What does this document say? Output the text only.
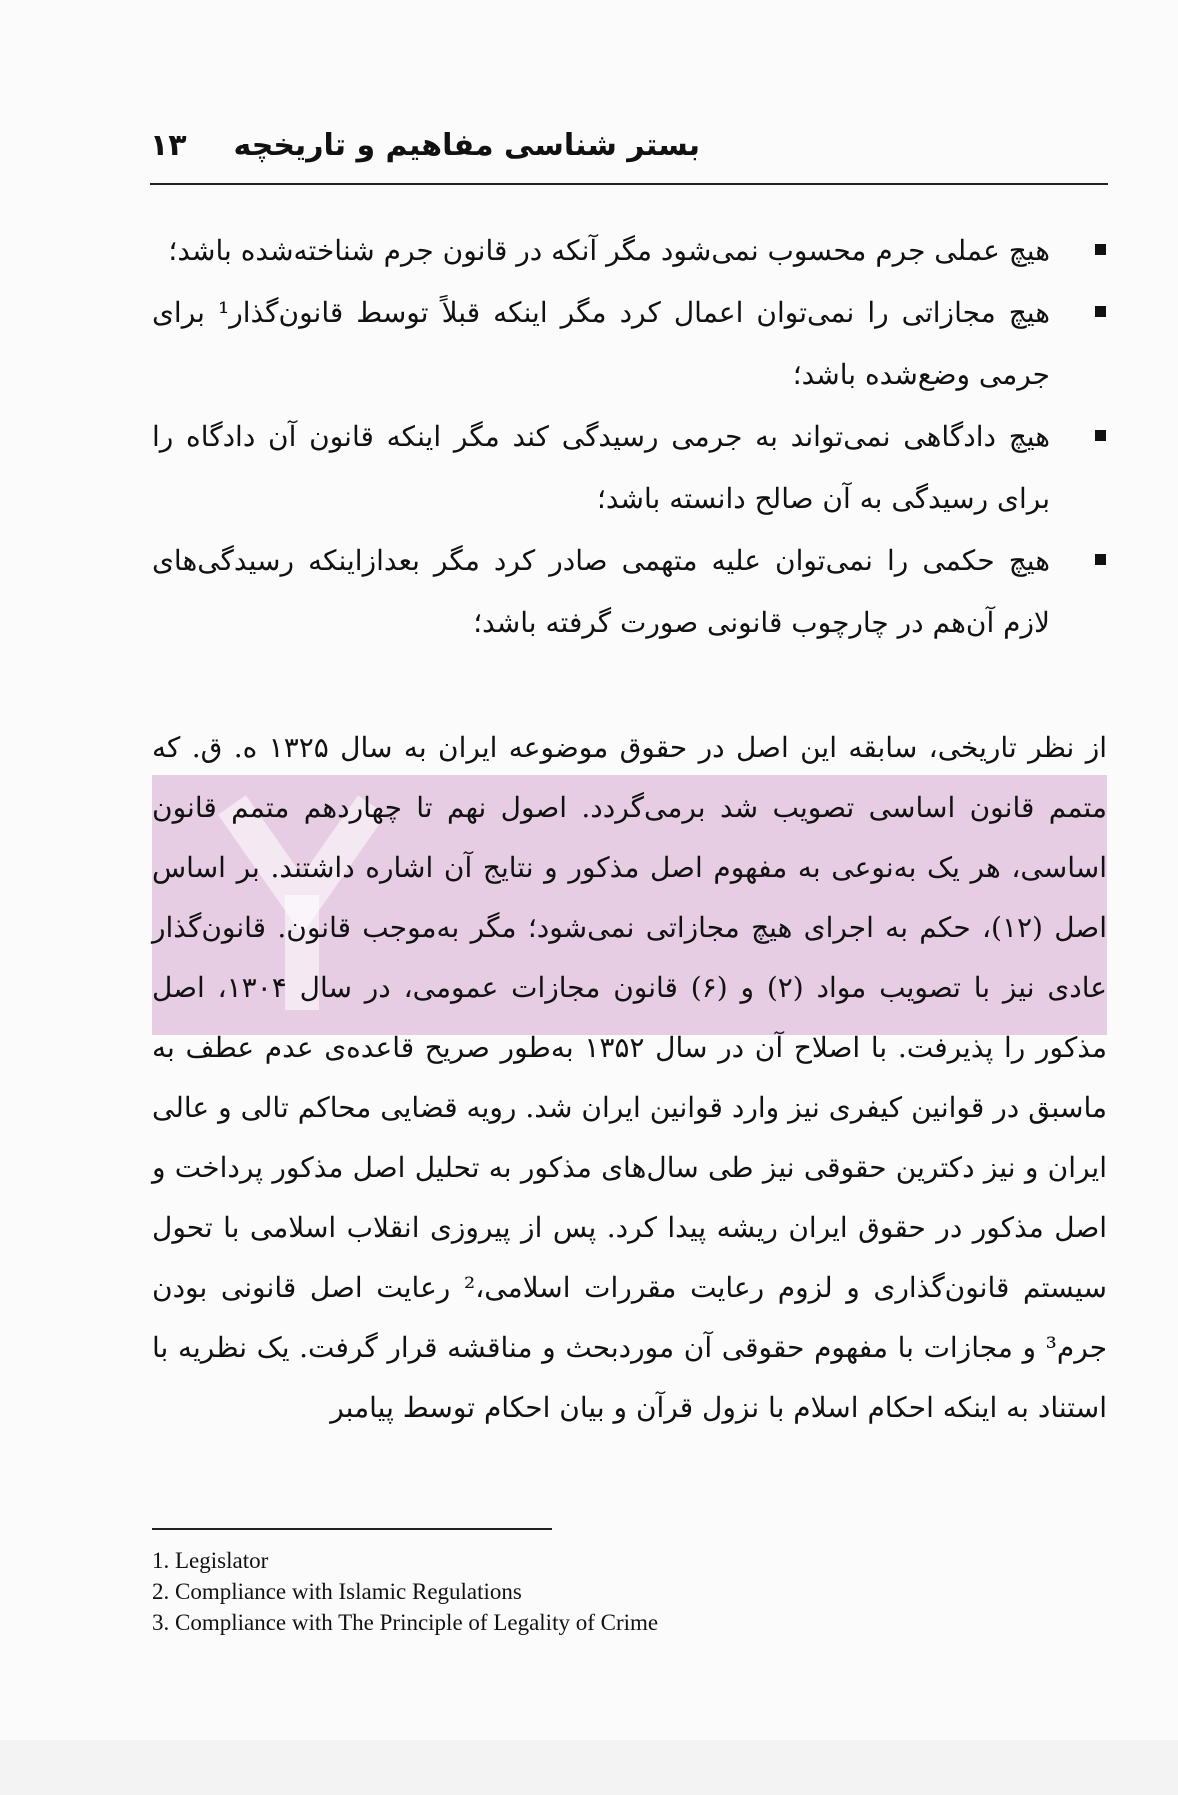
بستر شناسی مفاهیم و تاریخچه
۱۳
هیچ عملی جرم محسوب نمی‌شود مگر آنکه در قانون جرم شناخته‌شده باشد؛
هیچ مجازاتی را نمی‌توان اعمال کرد مگر اینکه قبلاً توسط قانون‌گذار¹ برای جرمی وضع‌شده باشد؛
هیچ دادگاهی نمی‌تواند به جرمی رسیدگی کند مگر اینکه قانون آن دادگاه را برای رسیدگی به آن صالح دانسته باشد؛
هیچ حکمی را نمی‌توان علیه متهمی صادر کرد مگر بعدازاینکه رسیدگی‌های لازم آن‌هم در چارچوب قانونی صورت گرفته باشد؛

از نظر تاریخی، سابقه این اصل در حقوق موضوعه ایران به سال ۱۳۲۵ ه. ق. که متمم قانون اساسی تصویب شد برمی‌گردد. اصول نهم تا چهاردهم متمم قانون اساسی، هر یک به‌نوعی به مفهوم اصل مذکور و نتایج آن اشاره داشتند. بر اساس اصل (۱۲)، حکم به اجرای هیچ مجازاتی نمی‌شود؛ مگر به‌موجب قانون. قانون‌گذار عادی نیز با تصویب مواد (۲) و (۶) قانون مجازات عمومی، در سال ۱۳۰۴، اصل مذکور را پذیرفت. با اصلاح آن در سال ۱۳۵۲ به‌طور صریح قاعده‌ی عدم عطف به ماسبق در قوانین کیفری نیز وارد قوانین ایران شد. رویه قضایی محاکم تالی و عالی ایران و نیز دکترین حقوقی نیز طی سال‌های مذکور به تحلیل اصل مذکور پرداخت و اصل مذکور در حقوق ایران ریشه پیدا کرد. پس از پیروزی انقلاب اسلامی با تحول سیستم قانون‌گذاری و لزوم رعایت مقررات اسلامی،² رعایت اصل قانونی بودن جرم³ و مجازات با مفهوم حقوقی آن موردبحث و مناقشه قرار گرفت. یک نظریه با استناد به اینکه احکام اسلام با نزول قرآن و بیان احکام توسط پیامبر

1. Legislator
2. Compliance with Islamic Regulations
3. Compliance with The Principle of Legality of Crime
